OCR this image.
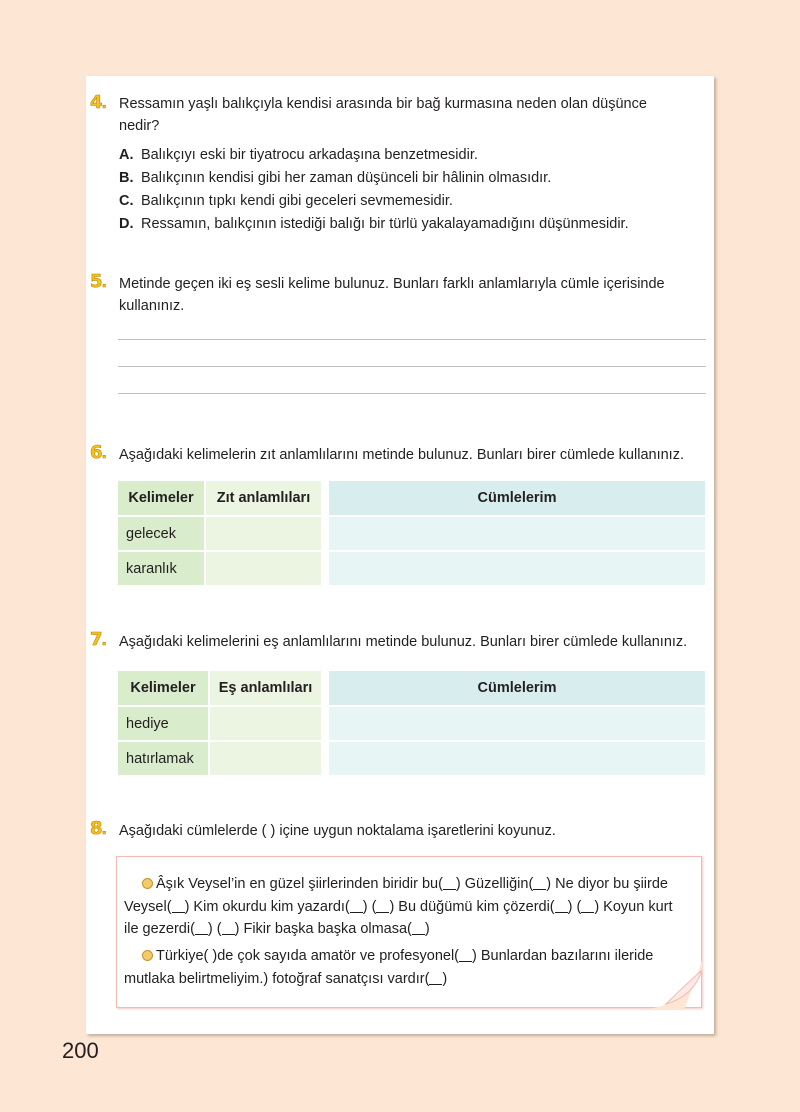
4. Ressamın yaşlı balıkçıyla kendisi arasında bir bağ kurmasına neden olan düşünce
nedir?
A. Balıkçıyı eski bir tiyatrocu arkadaşına benzetmesidir.
B. Balıkçının kendisi gibi her zaman düşünceli bir hâlinin olmasıdır.
C. Balıkçının tıpkı kendi gibi geceleri sevmemesidir.
D. Ressamın, balıkçının istediği balığı bir türlü yakalayamadığını düşünmesidir.
5. Metinde geçen iki eş sesli kelime bulunuz. Bunları farklı anlamlarıyla cümle içerisinde
kullanınız.
6. Aşağıdaki kelimelerin zıt anlamlılarını metinde bulunuz. Bunları birer cümlede kullanınız.
Kelimeler	Zıt anlamlıları	Cümlelerim
gelecek
karanlık
7. Aşağıdaki kelimelerini eş anlamlılarını metinde bulunuz. Bunları birer cümlede kullanınız.
Kelimeler	Eş anlamlıları	Cümlelerim
hediye
hatırlamak
8. Aşağıdaki cümlelerde ( ) içine uygun noktalama işaretlerini koyunuz.
Âşık Veysel’in en güzel şiirlerinden biridir bu( ) Güzelliğin( ) Ne diyor bu şiirde
Veysel( ) Kim okurdu kim yazardı( ) ( ) Bu düğümü kim çözerdi( ) ( ) Koyun kurt
ile gezerdi( ) ( ) Fikir başka başka olmasa( )
Türkiye( )de çok sayıda amatör ve profesyonel( ) Bunlardan bazılarını ileride
mutlaka belirtmeliyim.) fotoğraf sanatçısı vardır( )
200
